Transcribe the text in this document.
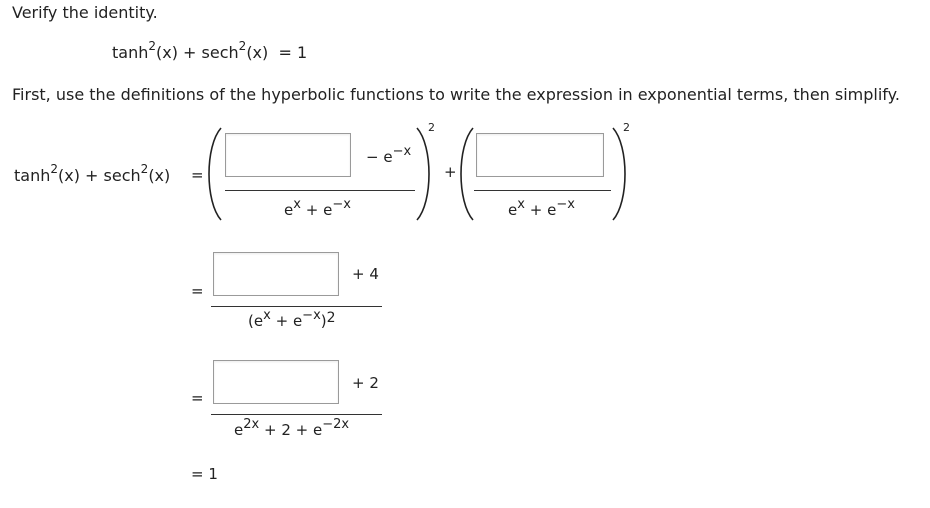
Verify the identity.
$\tanh^2(x) + \sec h^2(x) = 1$
First, use the definitions of the hyperbolic functions to write the expression in exponential terms, then simplify.
$\tanh^2(x) + \sec h^2(x)$ =
− $e^{-x}$
$e^x + e^{-x}$
2
+
$e^x + e^{-x}$
2
=
+ 4
$(e^x + e^{-x})^2$
=
+ 2
$e^{2x} + 2 + e^{-2x}$
= 1
